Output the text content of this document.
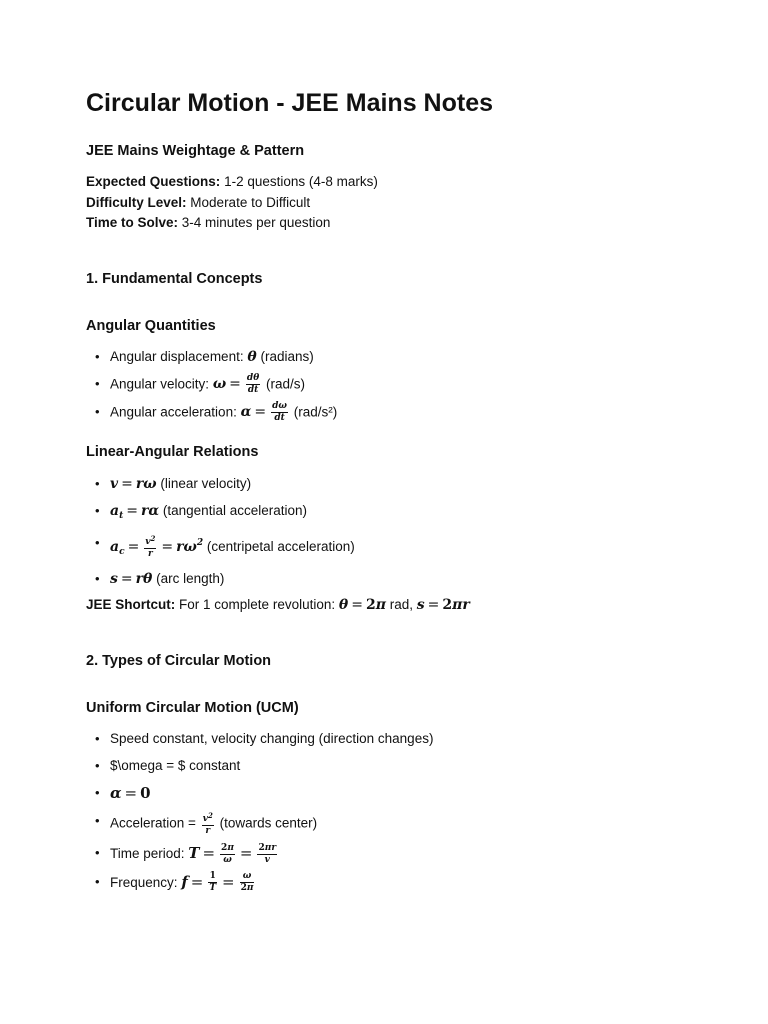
Circular Motion - JEE Mains Notes
JEE Mains Weightage & Pattern

Expected Questions: 1-2 questions (4-8 marks)

Difficulty Level: Moderate to Difficult

Time to Solve: 3-4 minutes per question

1. Fundamental Concepts
Angular Quantities
• Angular displacement: θ (radians)
• Angular velocity: $\omega = \frac{d\theta}{dt} (rad/s)$
• Angular acceleration: $\alpha = \frac{d\omega}{dt} (rad/s^2)$
Linear-Angular Relations
• v = rω (linear velocity)
• $a_t = r\alpha$ (tangential acceleration)
• $a_c = \frac{v^2}{r} = r\omega^2$ (centripetal acceleration)
• s = rθ (arc length)

JEE Shortcut: For 1 complete revolution: θ = 2π rad, s = 2πr

2. Types of Circular Motion
Uniform Circular Motion (UCM)
• Speed constant, velocity changing (direction changes)
• $\omega = $ constant
• α = 0
• Acceleration = $\frac{v^2}{r}$ (towards center)
• Time period: $T = \frac{2\pi}{\omega} = \frac{2\pi r}{v}$
• Frequency: $f = \frac{1}{T} = \frac{\omega}{2\pi}$
